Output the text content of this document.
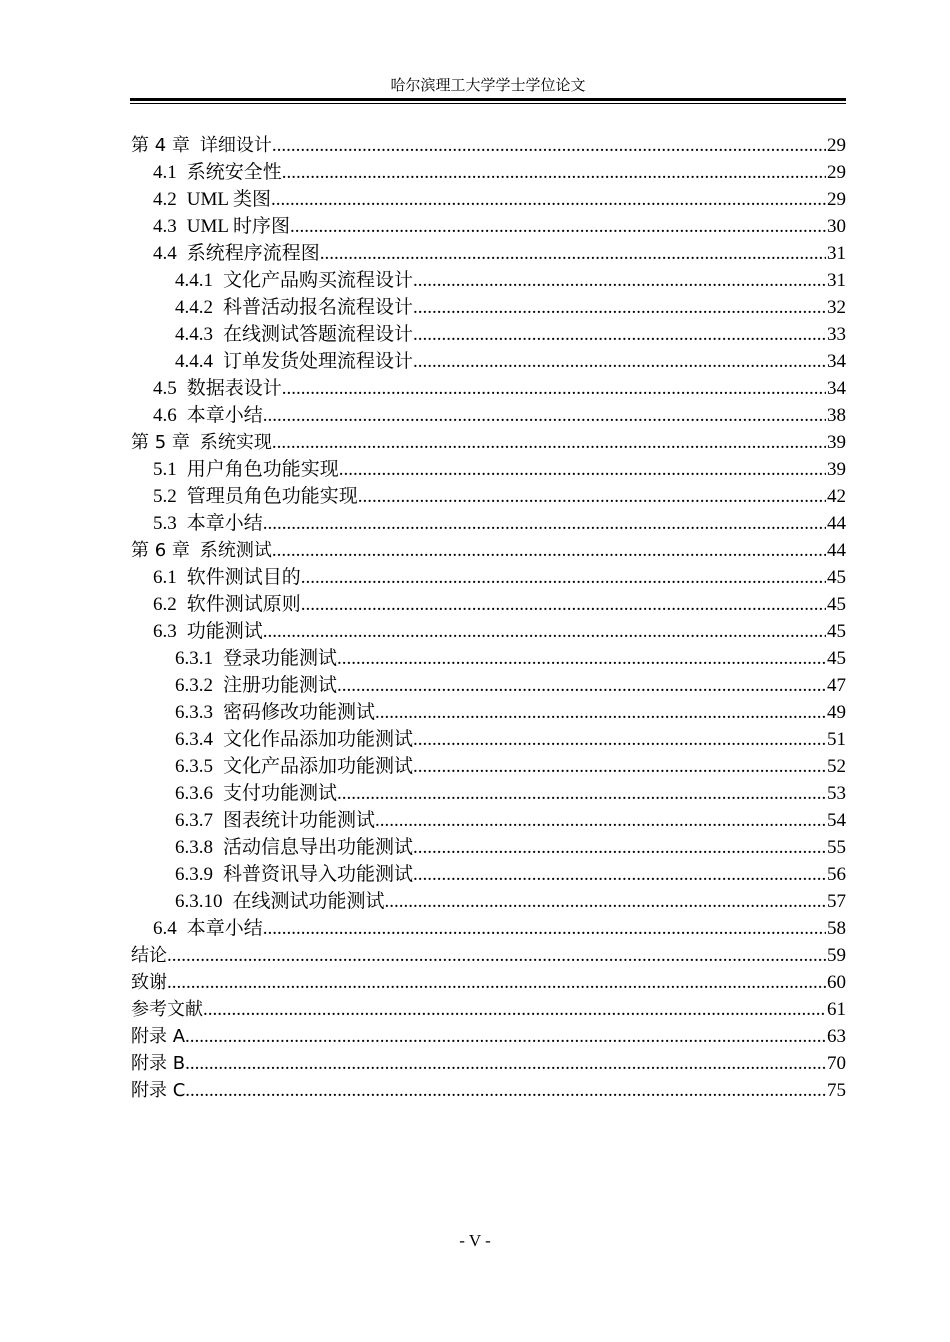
哈尔滨理工大学学士学位论文
第 4 章 详细设计 .....	29
4.1 系统安全性 .....	29
4.2 UML 类图 .....	29
4.3 UML 时序图 .....	30
4.4 系统程序流程图 .....	31
4.4.1 文化产品购买流程设计 .....	31
4.4.2 科普活动报名流程设计 .....	32
4.4.3 在线测试答题流程设计 .....	33
4.4.4 订单发货处理流程设计 .....	34
4.5 数据表设计 .....	34
4.6 本章小结 .....	38
第 5 章 系统实现 .....	39
5.1 用户角色功能实现 .....	39
5.2 管理员角色功能实现 .....	42
5.3 本章小结 .....	44
第 6 章 系统测试 .....	44
6.1 软件测试目的 .....	45
6.2 软件测试原则 .....	45
6.3 功能测试 .....	45
6.3.1 登录功能测试 .....	45
6.3.2 注册功能测试 .....	47
6.3.3 密码修改功能测试 .....	49
6.3.4 文化作品添加功能测试 .....	51
6.3.5 文化产品添加功能测试 .....	52
6.3.6 支付功能测试 .....	53
6.3.7 图表统计功能测试 .....	54
6.3.8 活动信息导出功能测试 .....	55
6.3.9 科普资讯导入功能测试 .....	56
6.3.10 在线测试功能测试 .....	57
6.4 本章小结 .....	58
结论 .....	59
致谢 .....	60
参考文献 .....	61
附录 A .....	63
附录 B .....	70
附录 C .....	75
- V -
